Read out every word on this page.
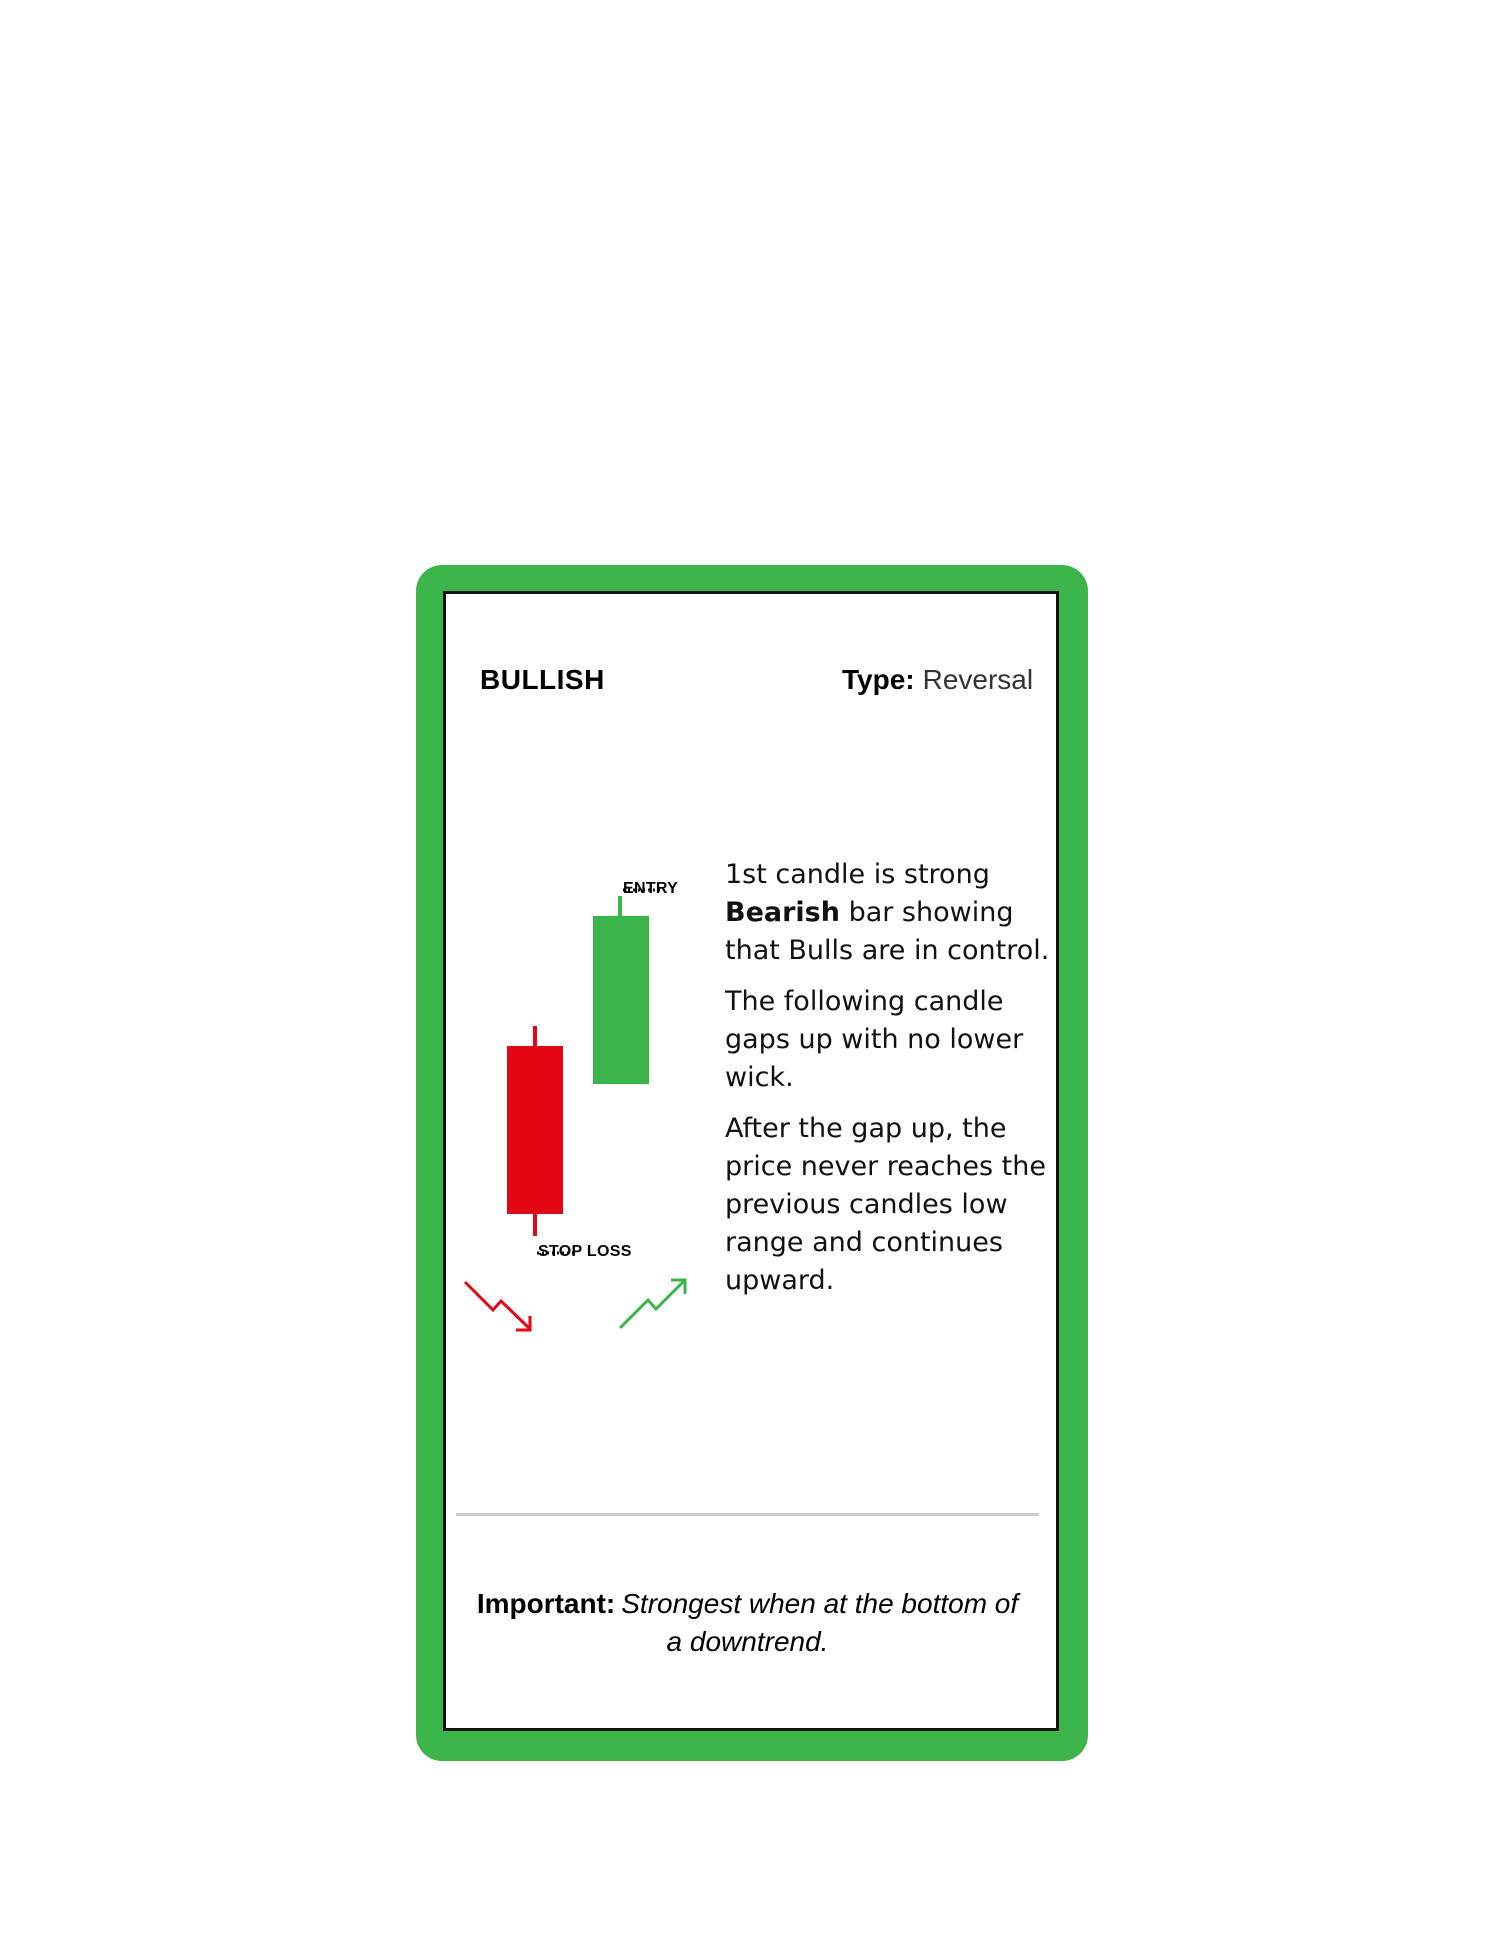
BULLISH	Type: Reversal
ENTRY
STOP LOSS

1st candle is strong Bearish bar showing that Bulls are in control.

The following candle gaps up with no lower wick.

After the gap up, the price never reaches the previous candles low range and continues upward.

Important: Strongest when at the bottom of a downtrend.
